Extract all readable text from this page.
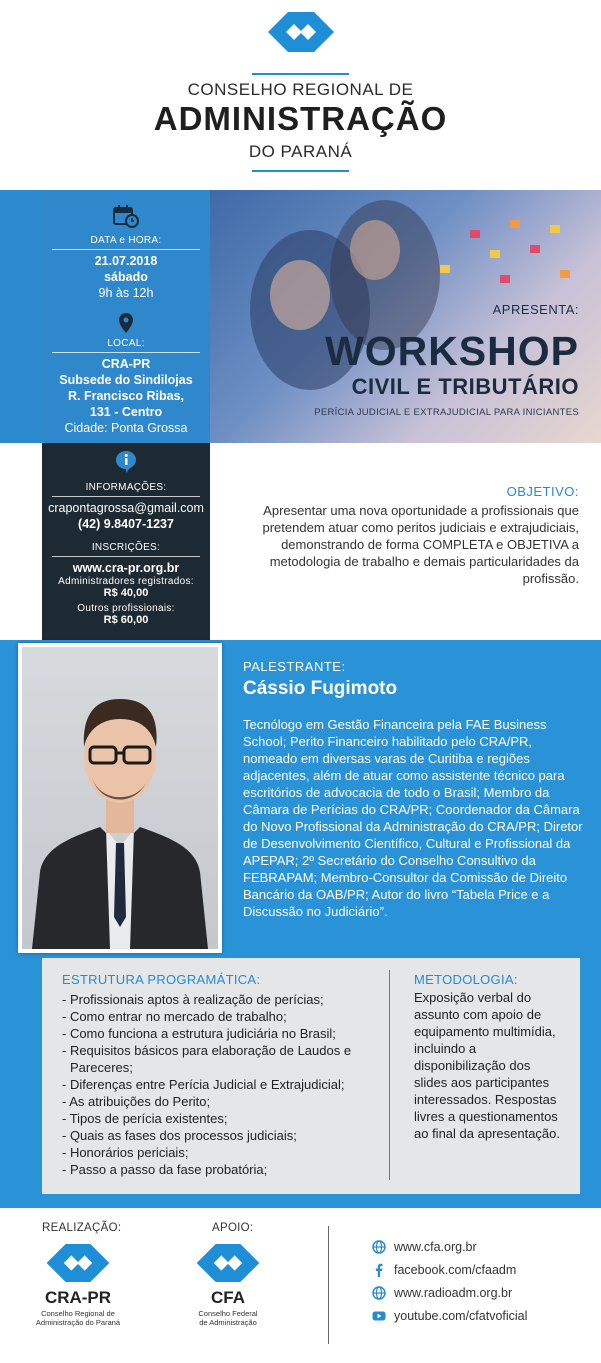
CONSELHO REGIONAL DE
ADMINISTRAÇÃO
DO PARANÁ
APRESENTA:
WORKSHOP
CIVIL E TRIBUTÁRIO
PERÍCIA JUDICIAL E EXTRAJUDICIAL PARA INICIANTES
DATA e HORA:
21.07.2018
sábado
9h às 12h
LOCAL:
CRA-PR
Subsede do Sindilojas
R. Francisco Ribas,
131 - Centro
Cidade: Ponta Grossa
INFORMAÇÕES:
crapontagrossa@gmail.com
(42) 9.8407-1237
INSCRIÇÕES:
www.cra-pr.org.br
Administradores registrados:
R$ 40,00
Outros profissionais:
R$ 60,00
OBJETIVO:
Apresentar uma nova oportunidade a profissionais que pretendem atuar como peritos judiciais e extrajudiciais, demonstrando de forma COMPLETA e OBJETIVA a metodologia de trabalho e demais particularidades da profissão.
PALESTRANTE:
Cássio Fugimoto
Tecnólogo em Gestão Financeira pela FAE Business School; Perito Financeiro habilitado pelo CRA/PR, nomeado em diversas varas de Curitiba e regiões adjacentes, além de atuar como assistente técnico para escritórios de advocacia de todo o Brasil; Membro da Câmara de Perícias do CRA/PR; Coordenador da Câmara do Novo Profissional da Administração do CRA/PR; Diretor de Desenvolvimento Científico, Cultural e Profissional da APEPAR; 2º Secretário do Conselho Consultivo da FEBRAPAM; Membro-Consultor da Comissão de Direito Bancário da OAB/PR; Autor do livro “Tabela Price e a Discussão no Judiciário”.
ESTRUTURA PROGRAMÁTICA:
- Profissionais aptos à realização de perícias;
- Como entrar no mercado de trabalho;
- Como funciona a estrutura judiciária no Brasil;
- Requisitos básicos para elaboração de Laudos e Pareceres;
- Diferenças entre Perícia Judicial e Extrajudicial;
- As atribuições do Perito;
- Tipos de perícia existentes;
- Quais as fases dos processos judiciais;
- Honorários periciais;
- Passo a passo da fase probatória;
METODOLOGIA:
Exposição verbal do assunto com apoio de equipamento multimídia, incluindo a disponibilização dos slides aos participantes interessados. Respostas livres a questionamentos ao final da apresentação.
REALIZAÇÃO:
CRA-PR
Conselho Regional de
Administração do Paraná
APOIO:
CFA
Conselho Federal
de Administração
www.cfa.org.br
facebook.com/cfaadm
www.radioadm.org.br
youtube.com/cfatvoficial
